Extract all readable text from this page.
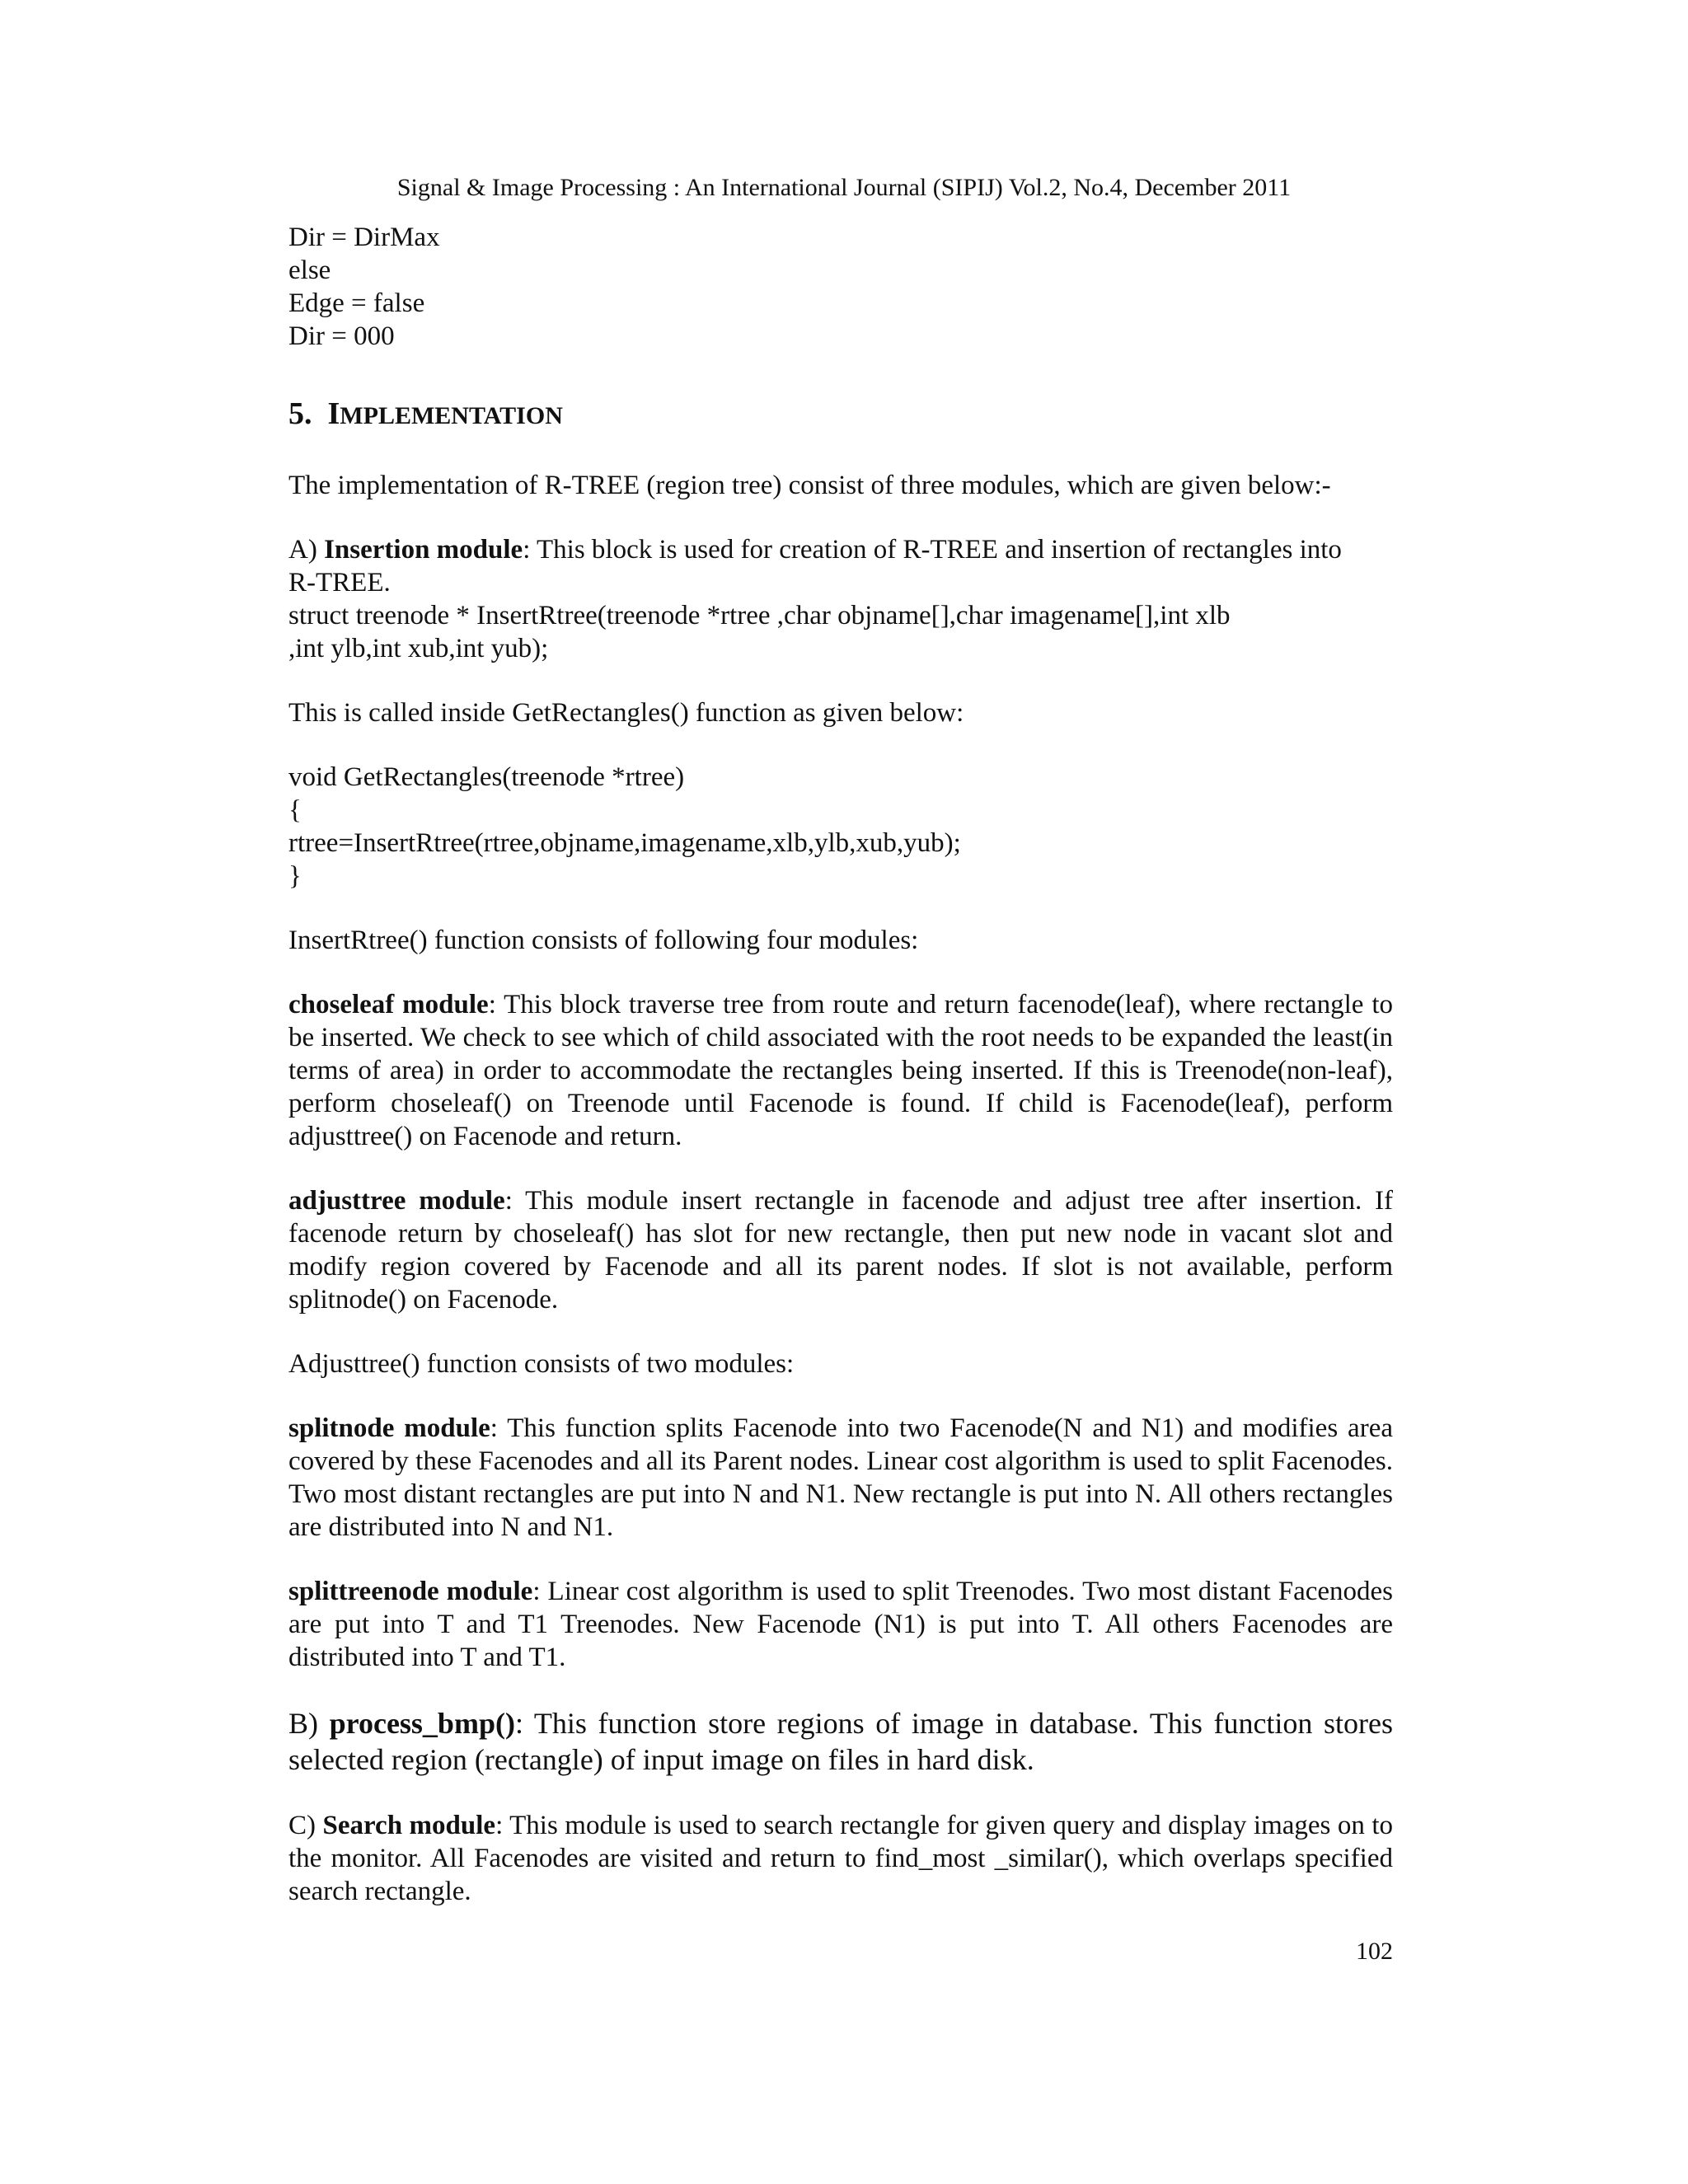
Signal & Image Processing : An International Journal (SIPIJ) Vol.2, No.4, December 2011
Dir = DirMax
else
Edge = false
Dir = 000
5. IMPLEMENTATION
The implementation of R-TREE (region tree) consist of three modules, which are given below:-
A) Insertion module: This block is used for creation of R-TREE and insertion of rectangles into
R-TREE.
struct treenode * InsertRtree(treenode *rtree ,char objname[],char imagename[],int xlb
,int ylb,int xub,int yub);
This is called inside GetRectangles() function as given below:
void GetRectangles(treenode *rtree)
{
rtree=InsertRtree(rtree,objname,imagename,xlb,ylb,xub,yub);
}
InsertRtree() function consists of following four modules:
choseleaf module: This block traverse tree from route and return facenode(leaf), where rectangle to be inserted. We check to see which of child associated with the root needs to be expanded the least(in terms of area) in order to accommodate the rectangles being inserted. If this is Treenode(non-leaf), perform choseleaf() on Treenode until Facenode is found. If child is Facenode(leaf), perform adjusttree() on Facenode and return.
adjusttree module: This module insert rectangle in facenode and adjust tree after insertion. If facenode return by choseleaf() has slot for new rectangle, then put new node in vacant slot and modify region covered by Facenode and all its parent nodes. If slot is not available, perform splitnode() on Facenode.
Adjusttree() function consists of two modules:
splitnode module: This function splits Facenode into two Facenode(N and N1) and modifies area covered by these Facenodes and all its Parent nodes. Linear cost algorithm is used to split Facenodes. Two most distant rectangles are put into N and N1. New rectangle is put into N. All others rectangles are distributed into N and N1.
splittreenode module: Linear cost algorithm is used to split Treenodes. Two most distant Facenodes are put into T and T1 Treenodes. New Facenode (N1) is put into T. All others Facenodes are distributed into T and T1.
B) process_bmp(): This function store regions of image in database. This function stores selected region (rectangle) of input image on files in hard disk.
C) Search module: This module is used to search rectangle for given query and display images on to the monitor. All Facenodes are visited and return to find_most _similar(), which overlaps specified search rectangle.
102
